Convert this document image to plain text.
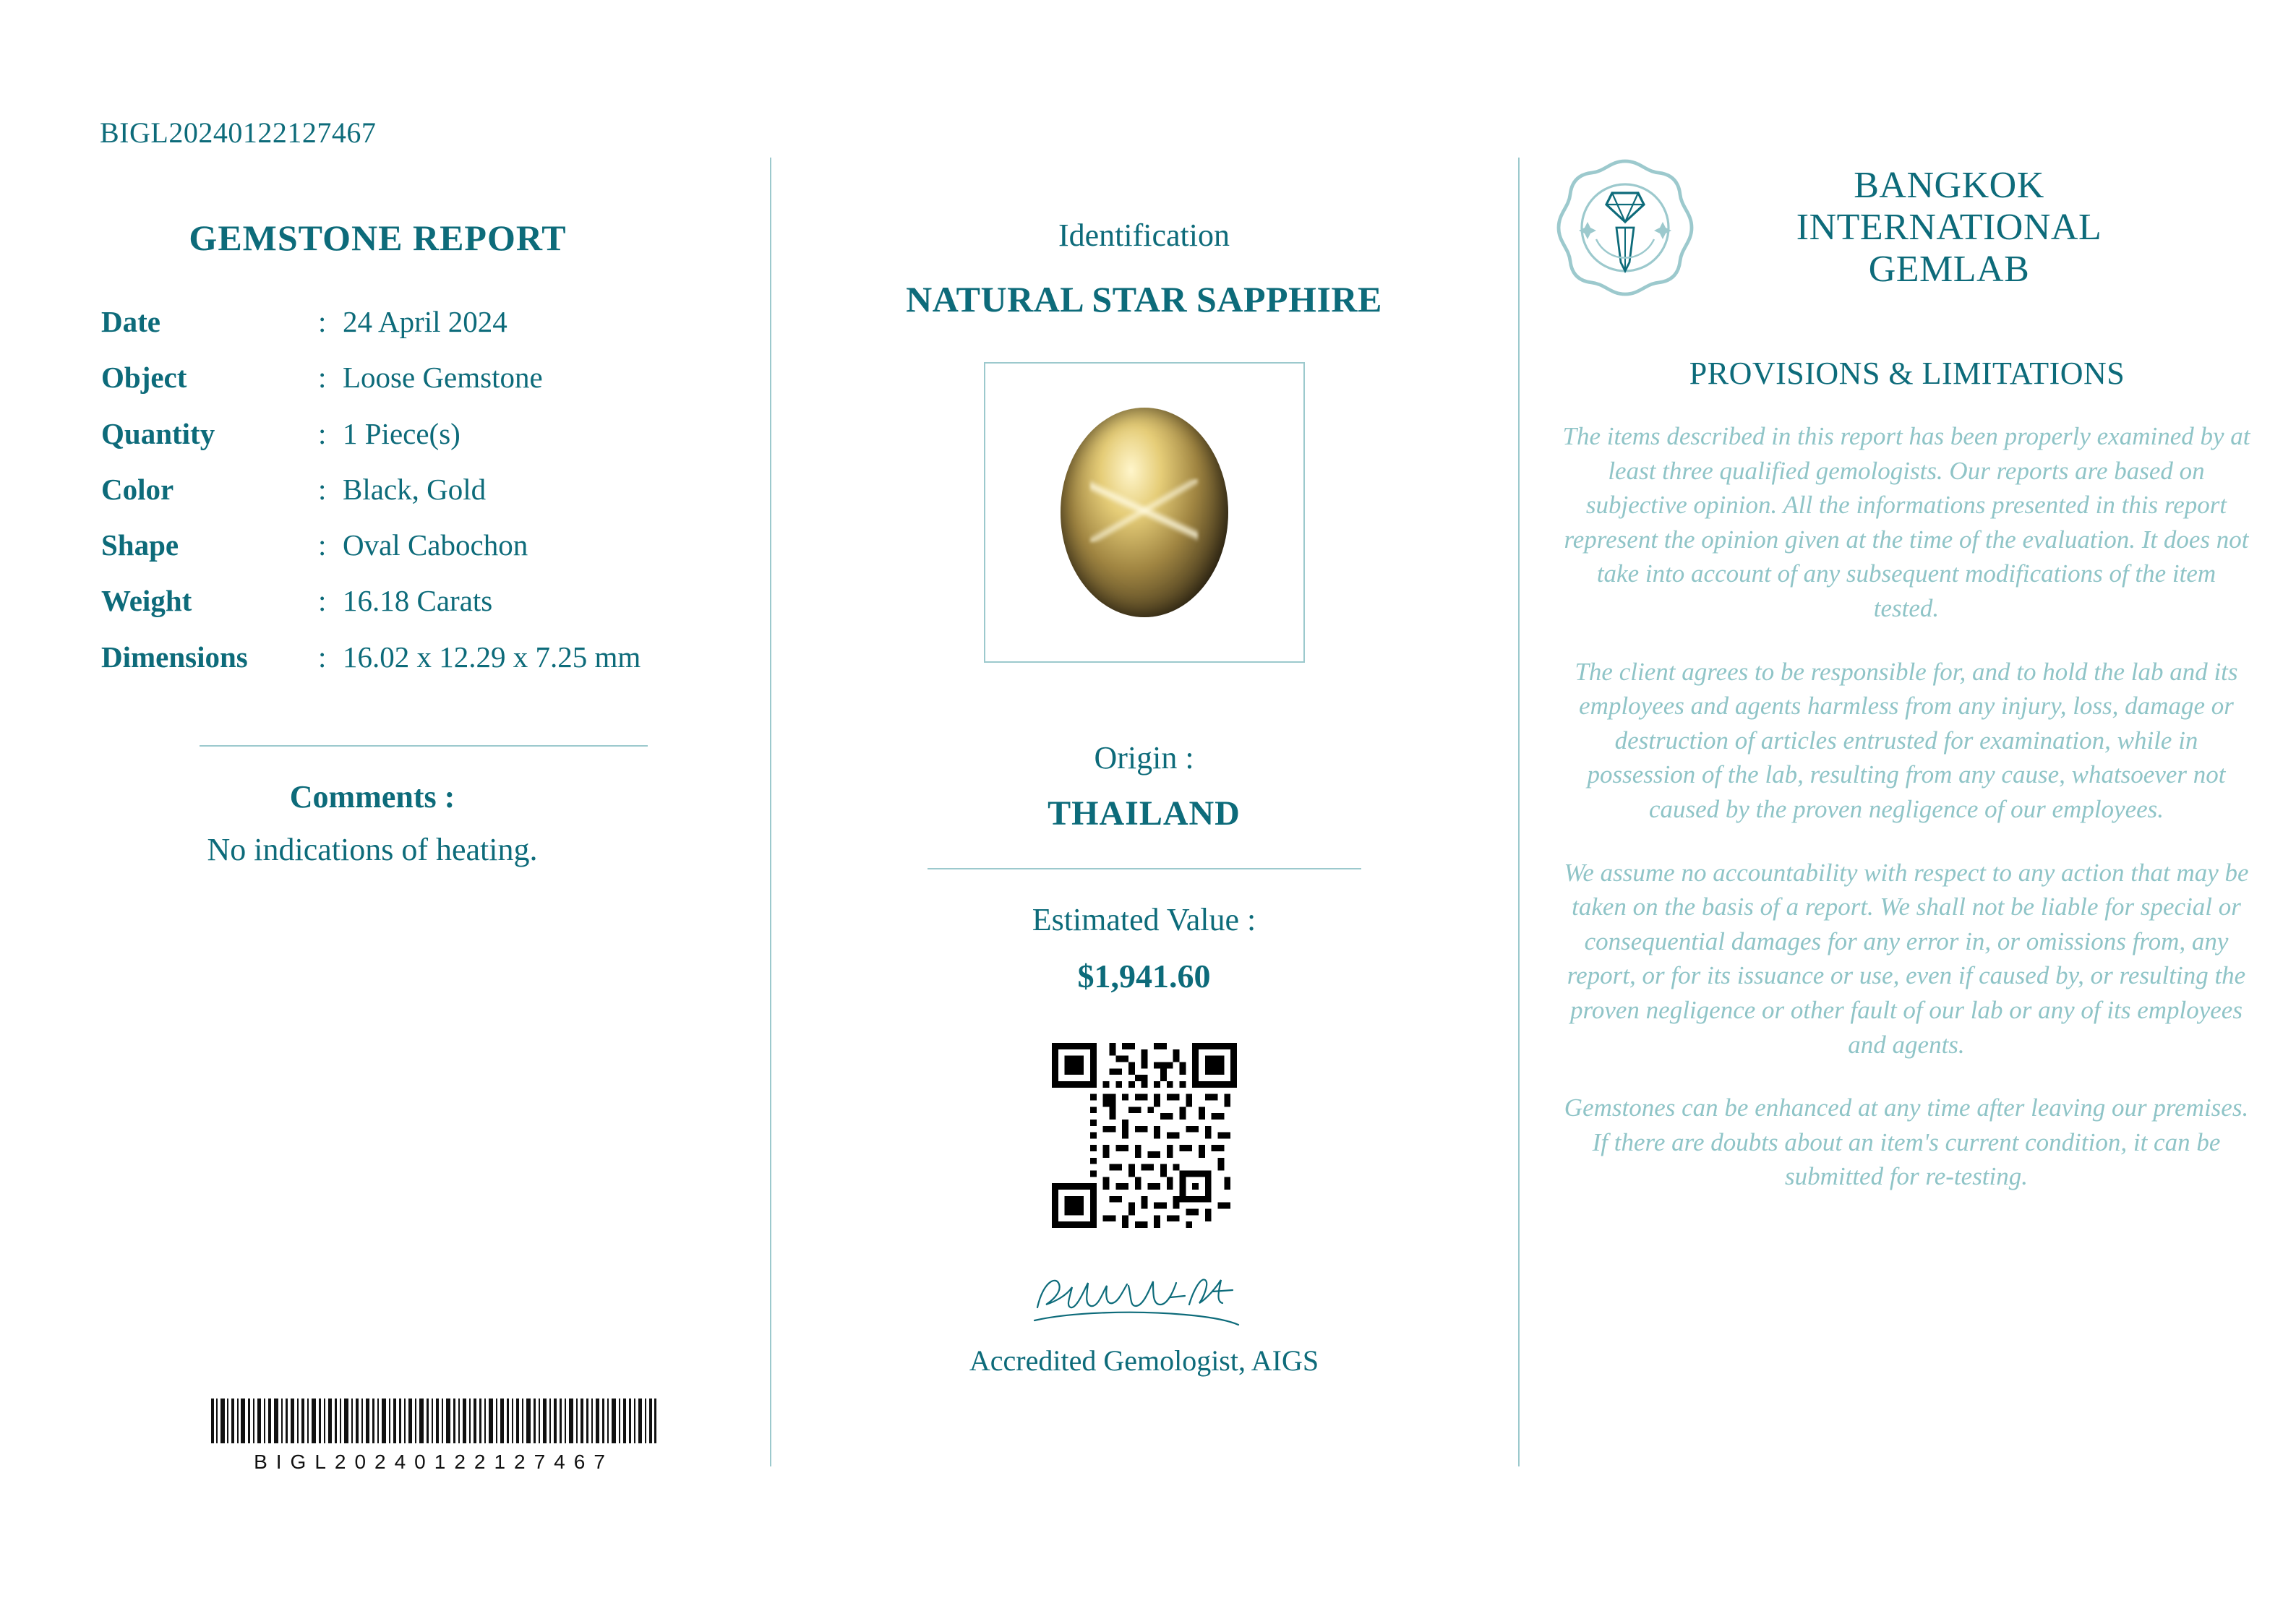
BIGL20240122127467
GEMSTONE REPORT
Date	: 24 April 2024
Object	: Loose Gemstone
Quantity	: 1 Piece(s)
Color	: Black, Gold
Shape	: Oval Cabochon
Weight	: 16.18 Carats
Dimensions	: 16.02 x 12.29 x 7.25 mm
Comments :
No indications of heating.
BIGL20240122127467
Identification
NATURAL STAR SAPPHIRE
Origin :
THAILAND
Estimated Value :
$1,941.60
Accredited Gemologist, AIGS
BANGKOK INTERNATIONAL GEMLAB
PROVISIONS & LIMITATIONS

The items described in this report has been properly examined by at least three qualified gemologists. Our reports are based on subjective opinion. All the informations presented in this report represent the opinion given at the time of the evaluation. It does not take into account of any subsequent modifications of the item tested.

The client agrees to be responsible for, and to hold the lab and its employees and agents harmless from any injury, loss, damage or destruction of articles entrusted for examination, while in possession of the lab, resulting from any cause, whatsoever not caused by the proven negligence of our employees.

We assume no accountability with respect to any action that may be taken on the basis of a report. We shall not be liable for special or consequential damages for any error in, or omissions from, any report, or for its issuance or use, even if caused by, or resulting the proven negligence or other fault of our lab or any of its employees and agents.

Gemstones can be enhanced at any time after leaving our premises. If there are doubts about an item's current condition, it can be submitted for re-testing.
